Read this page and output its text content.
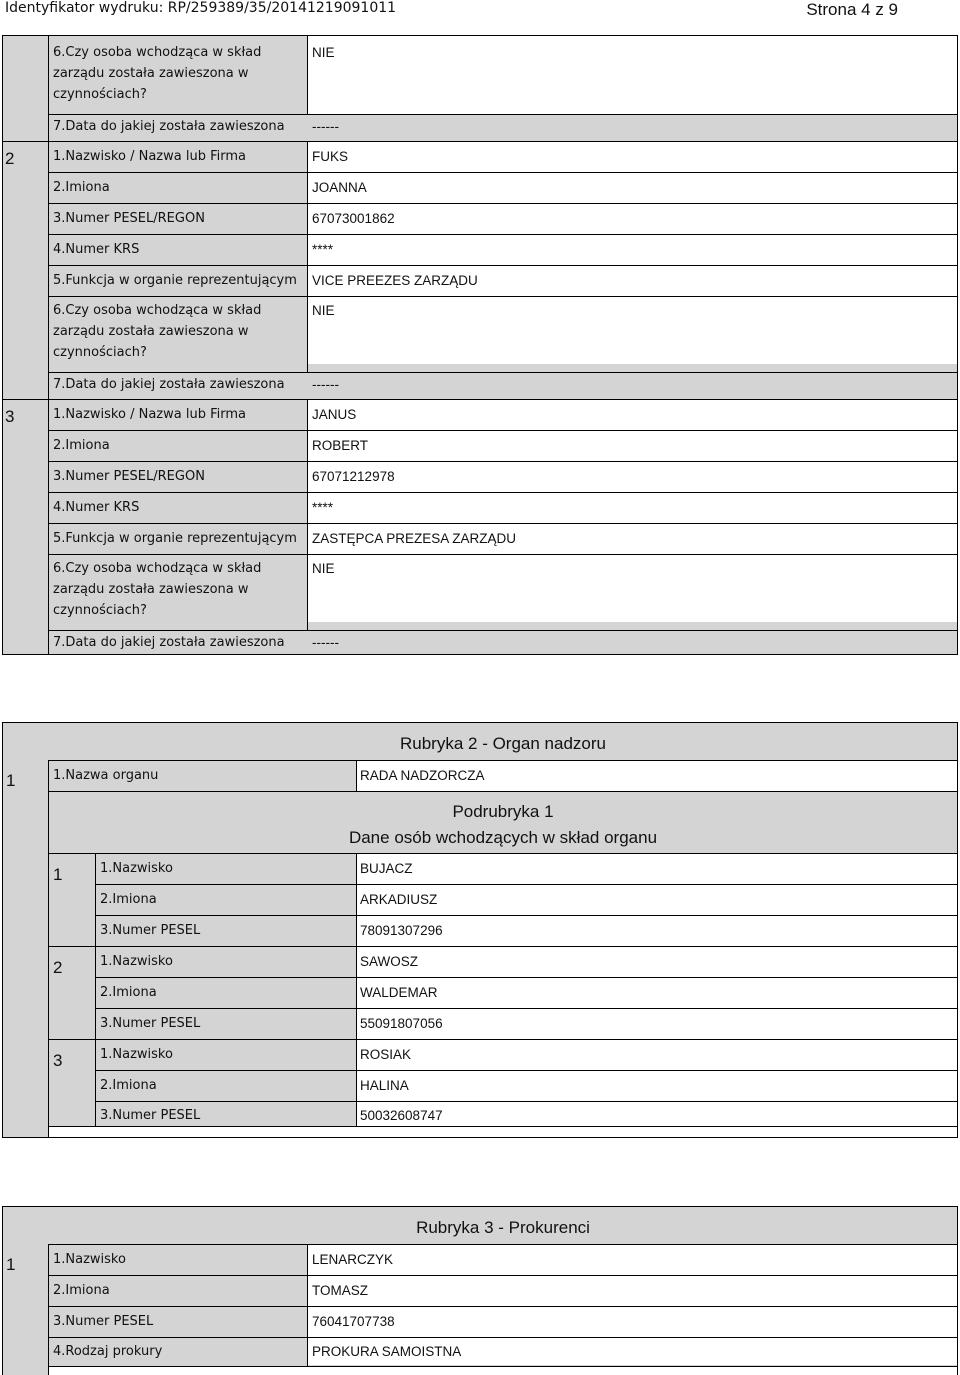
Identyfikator wydruku: RP/259389/35/20141219091011	Strona 4 z 9
6.Czy osoba wchodząca w skład
zarządu została zawieszona w
czynnościach?
NIE
7.Data do jakiej została zawieszona ------
2	1.Nazwisko / Nazwa lub Firma	FUKS
2.Imiona	JOANNA
3.Numer PESEL/REGON	67073001862
4.Numer KRS	****
5.Funkcja w organie reprezentującym VICE PREEZES ZARZĄDU
6.Czy osoba wchodząca w skład
zarządu została zawieszona w
czynnościach?
NIE
7.Data do jakiej została zawieszona ------
3	1.Nazwisko / Nazwa lub Firma	JANUS
2.Imiona	ROBERT
3.Numer PESEL/REGON	67071212978
4.Numer KRS	****
5.Funkcja w organie reprezentującym ZASTĘPCA PREZESA ZARZĄDU
6.Czy osoba wchodząca w skład
zarządu została zawieszona w
czynnościach?
NIE
7.Data do jakiej została zawieszona ------
Rubryka 2 - Organ nadzoru
1	1.Nazwa organu	RADA NADZORCZA
Podrubryka 1
Dane osób wchodzących w skład organu
1	1.Nazwisko	BUJACZ
2.Imiona	ARKADIUSZ
3.Numer PESEL	78091307296
2	1.Nazwisko	SAWOSZ
2.Imiona	WALDEMAR
3.Numer PESEL	55091807056
3	1.Nazwisko	ROSIAK
2.Imiona	HALINA
3.Numer PESEL	50032608747
Rubryka 3 - Prokurenci
1	1.Nazwisko	LENARCZYK
2.Imiona	TOMASZ
3.Numer PESEL	76041707738
4.Rodzaj prokury	PROKURA SAMOISTNA
